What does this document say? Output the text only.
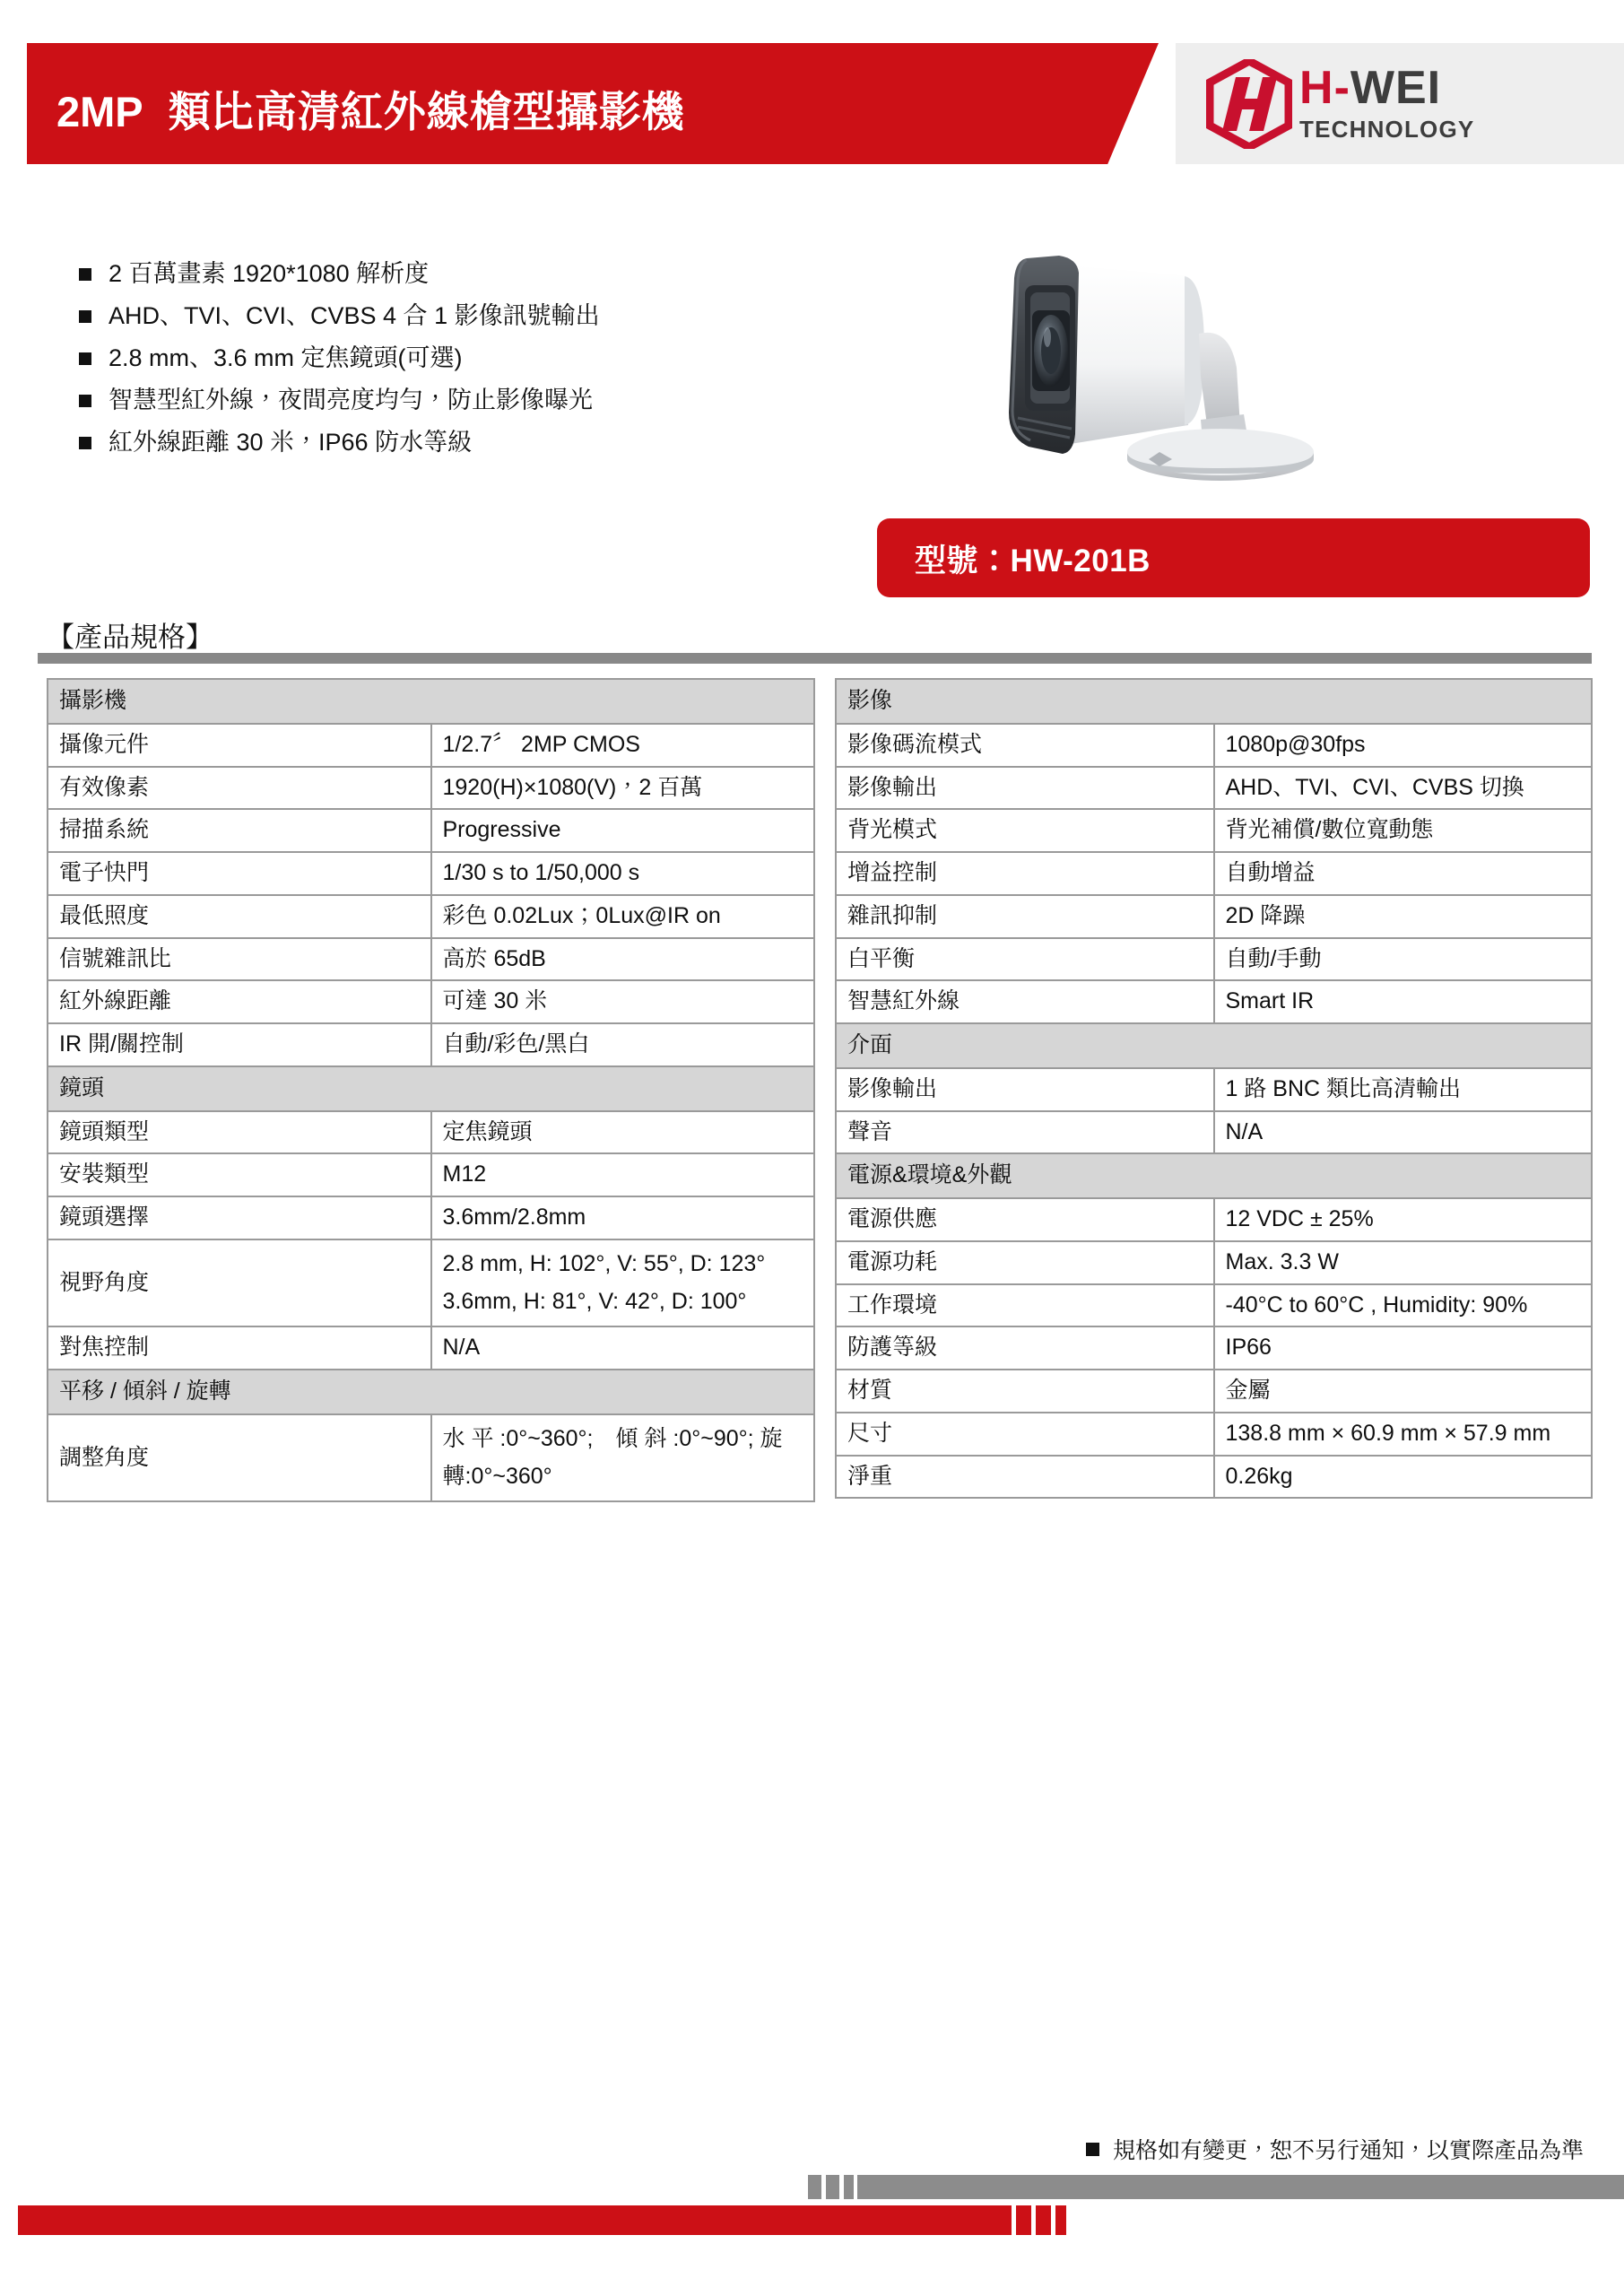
2MP 類比高清紅外線槍型攝影機	H-WEI
TECHNOLOGY
2 百萬畫素 1920*1080 解析度
AHD、TVI、CVI、CVBS 4 合 1 影像訊號輸出
2.8 mm、3.6 mm 定焦鏡頭(可選)
智慧型紅外線，夜間亮度均勻，防止影像曝光
紅外線距離 30 米，IP66 防水等級
型號：HW-201B
【產品規格】
攝影機	
攝像元件	1/2.7〞 2MP CMOS
有效像素	1920(H)×1080(V)，2 百萬
掃描系統	Progressive
電子快門	1/30 s to 1/50,000 s
最低照度	彩色 0.02Lux；0Lux@IR on
信號雜訊比	高於 65dB
紅外線距離	可達 30 米
IR 開/關控制	自動/彩色/黑白
鏡頭	
鏡頭類型	定焦鏡頭
安裝類型	M12
鏡頭選擇	3.6mm/2.8mm
視野角度	2.8 mm, H: 102°, V: 55°, D: 123°
3.6mm, H: 81°, V: 42°, D: 100°

對焦控制	N/A
平移 / 傾斜 / 旋轉	
調整角度	水 平 :0°~360°;　傾 斜 :0°~90°; 旋
轉:0°~360°
影像	
影像碼流模式	1080p@30fps
影像輸出	AHD、TVI、CVI、CVBS 切換
背光模式	背光補償/數位寬動態
增益控制	自動增益
雜訊抑制	2D 降躁
白平衡	自動/手動
智慧紅外線	Smart IR
介面	
影像輸出	1 路 BNC 類比高清輸出
聲音	N/A
電源&環境&外觀	
電源供應	12 VDC ± 25%
電源功耗	Max. 3.3 W
工作環境	-40°C to 60°C , Humidity: 90%
防護等級	IP66
材質	金屬
尺寸	138.8 mm × 60.9 mm × 57.9 mm
淨重	0.26kg
規格如有變更，恕不另行通知，以實際產品為準
